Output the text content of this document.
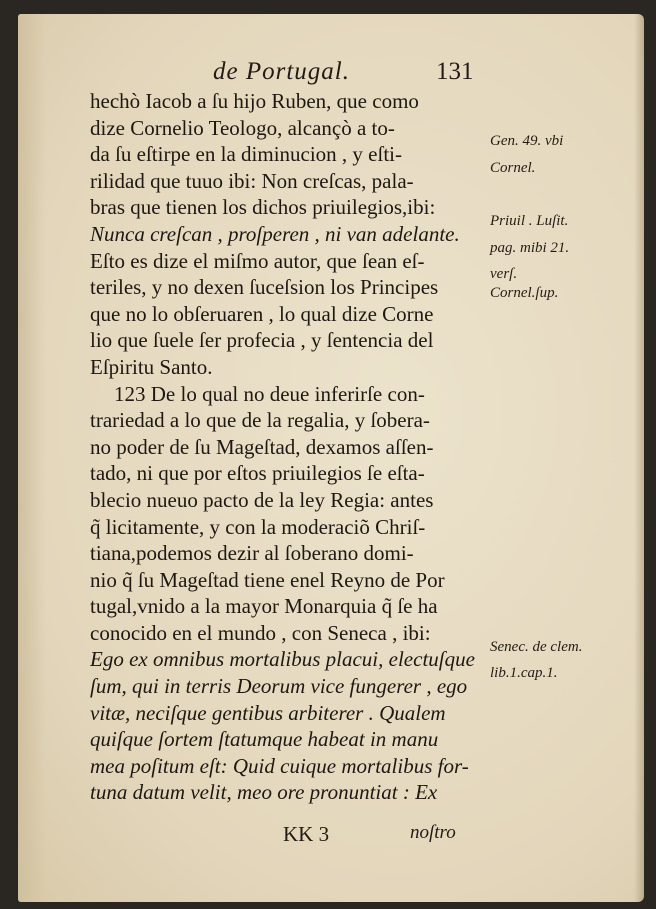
de Portugal.	131
hechò Iacob a ſu hijo Ruben, que como
dize Cornelio Teologo, alcançò a to-
da ſu eſtirpe en la diminucion , y eſti-
rilidad que tuuo ibi: Non creſcas, pala-
bras que tienen los dichos priuilegios,ibi:
Nunca creſcan , proſperen , ni van adelante.
Eſto es dize el miſmo autor, que ſean eſ-
teriles, y no dexen ſuceſsion los Principes
que no lo obſeruaren , lo qual dize Corne
lio que ſuele ſer profecia , y ſentencia del
Eſpiritu Santo.
123 De lo qual no deue inferirſe con-
trariedad a lo que de la regalia, y ſobera-
no poder de ſu Mageſtad, dexamos aſſen-
tado, ni que por eſtos priuilegios ſe eſta-
blecio nueuo pacto de la ley Regia: antes
q̃ licitamente, y con la moderaciõ Chriſ-
tiana,podemos dezir al ſoberano domi-
nio q̃ ſu Mageſtad tiene enel Reyno de Por
tugal,vnido a la mayor Monarquia q̃ ſe ha
conocido en el mundo , con Seneca , ibi:
Ego ex omnibus mortalibus placui, electuſque
ſum, qui in terris Deorum vice fungerer , ego
vitæ, neciſque gentibus arbiterer . Qualem
quiſque ſortem ſtatumque habeat in manu
mea poſitum eſt: Quid cuique mortalibus for-
tuna datum velit, meo ore pronuntiat : Ex
Gen. 49. vbi
Cornel.
Priuil . Luſit.
pag. mibi 21.
verſ.
Cornel.ſup.
Senec. de clem.
lib.1.cap.1.
KK 3	noſtro
